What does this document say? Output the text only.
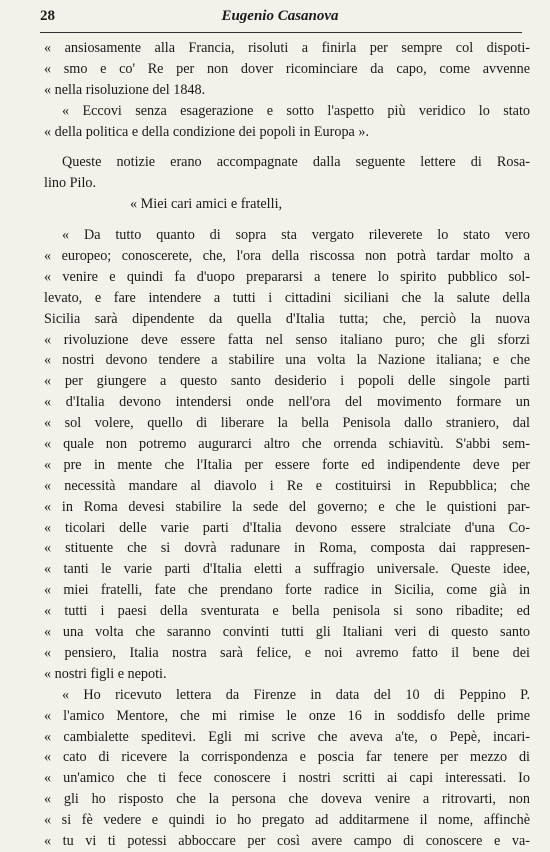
28	Eugenio Casanova
« ansiosamente alla Francia, risoluti a finirla per sempre col dispoti-
« smo e co' Re per non dover ricominciare da capo, come avvenne
« nella risoluzione del 1848.
« Eccovi senza esagerazione e sotto l'aspetto più veridico lo stato
« della politica e della condizione dei popoli in Europa ».
Queste notizie erano accompagnate dalla seguente lettere di Rosa-
lino Pilo.
« Miei cari amici e fratelli,
« Da tutto quanto di sopra sta vergato rileverete lo stato vero
« europeo; conoscerete, che, l'ora della riscossa non potrà tardar molto a
« venire e quindi fa d'uopo prepararsi a tenere lo spirito pubblico sol-
levato, e fare intendere a tutti i cittadini siciliani che la salute della
Sicilia sarà dipendente da quella d'Italia tutta; che, perciò la nuova
« rivoluzione deve essere fatta nel senso italiano puro; che gli sforzi
« nostri devono tendere a stabilire una volta la Nazione italiana; e che
« per giungere a questo santo desiderio i popoli delle singole parti
« d'Italia devono intendersi onde nell'ora del movimento formare un
« sol volere, quello di liberare la bella Penisola dallo straniero, dal
« quale non potremo augurarci altro che orrenda schiavitù. S'abbi sem-
« pre in mente che l'Italia per essere forte ed indipendente deve per
« necessità mandare al diavolo i Re e costituirsi in Repubblica; che
« in Roma devesi stabilire la sede del governo; e che le quistioni par-
« ticolari delle varie parti d'Italia devono essere stralciate d'una Co-
« stituente che si dovrà radunare in Roma, composta dai rappresen-
« tanti le varie parti d'Italia eletti a suffragio universale. Queste idee,
« miei fratelli, fate che prendano forte radice in Sicilia, come già in
« tutti i paesi della sventurata e bella penisola si sono ribadite; ed
« una volta che saranno convinti tutti gli Italiani veri di questo santo
« pensiero, Italia nostra sarà felice, e noi avremo fatto il bene dei
« nostri figli e nepoti.
« Ho ricevuto lettera da Firenze in data del 10 di Peppino P.
« l'amico Mentore, che mi rimise le onze 16 in soddisfo delle prime
« cambialette speditevi. Egli mi scrive che aveva a'te, o Pepè, incari-
« cato di ricevere la corrispondenza e poscia far tenere per mezzo di
« un'amico che ti fece conoscere i nostri scritti ai capi interessati. Io
« gli ho risposto che la persona che doveva venire a ritrovarti, non
« si fè vedere e quindi io ho pregato ad additarmene il nome, affinchè
« tu vi ti potessi abboccare per così avere campo di conoscere e va-
